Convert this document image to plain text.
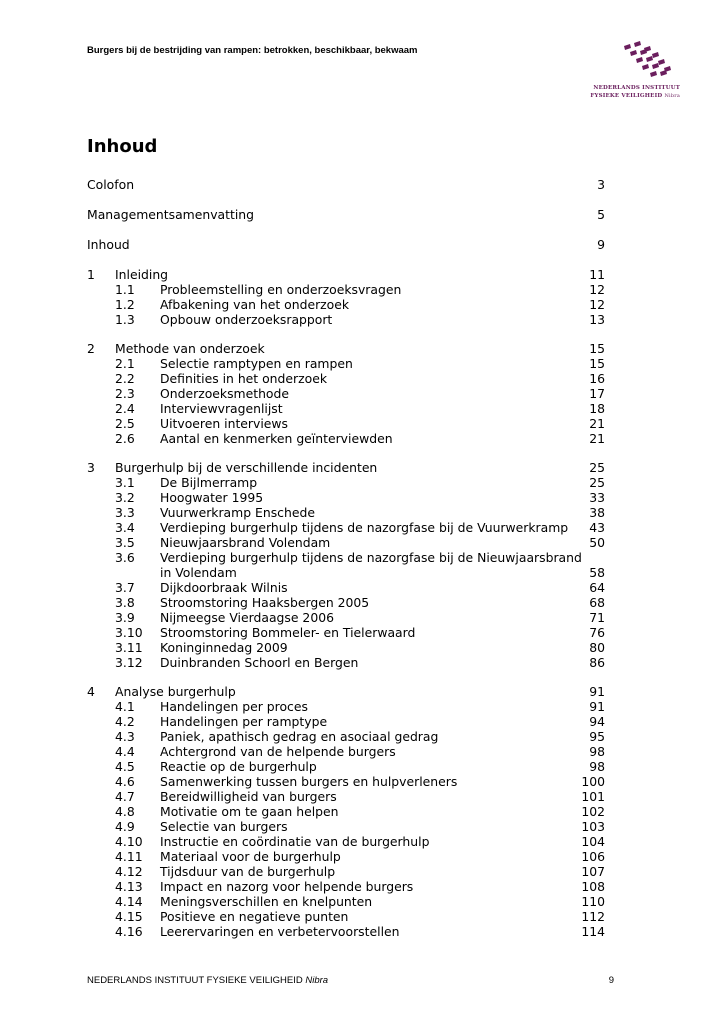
Burgers bij de bestrijding van rampen: betrokken, beschikbaar, bekwaam
NEDERLANDS INSTITUUT
FYSIEKE VEILIGHEID Nibra
Inhoud
Colofon	3
Managementsamenvatting	5
Inhoud	9
1 Inleiding	11
1.1 Probleemstelling en onderzoeksvragen	12
1.2 Afbakening van het onderzoek	12
1.3 Opbouw onderzoeksrapport	13
2 Methode van onderzoek	15
2.1 Selectie ramptypen en rampen	15
2.2 Definities in het onderzoek	16
2.3 Onderzoeksmethode	17
2.4 Interviewvragenlijst	18
2.5 Uitvoeren interviews	21
2.6 Aantal en kenmerken geïnterviewden	21
3 Burgerhulp bij de verschillende incidenten	25
3.1 De Bijlmerramp	25
3.2 Hoogwater 1995	33
3.3 Vuurwerkramp Enschede	38
3.4 Verdieping burgerhulp tijdens de nazorgfase bij de Vuurwerkramp 43
3.5 Nieuwjaarsbrand Volendam	50
3.6 Verdieping burgerhulp tijdens de nazorgfase bij de Nieuwjaarsbrand
in Volendam	58
3.7 Dijkdoorbraak Wilnis	64
3.8 Stroomstoring Haaksbergen 2005	68
3.9 Nijmeegse Vierdaagse 2006	71
3.10 Stroomstoring Bommeler- en Tielerwaard	76
3.11 Koninginnedag 2009	80
3.12 Duinbranden Schoorl en Bergen	86
4 Analyse burgerhulp	91
4.1 Handelingen per proces	91
4.2 Handelingen per ramptype	94
4.3 Paniek, apathisch gedrag en asociaal gedrag	95
4.4 Achtergrond van de helpende burgers	98
4.5 Reactie op de burgerhulp	98
4.6 Samenwerking tussen burgers en hulpverleners	100
4.7 Bereidwilligheid van burgers	101
4.8 Motivatie om te gaan helpen	102
4.9 Selectie van burgers	103
4.10 Instructie en coördinatie van de burgerhulp	104
4.11 Materiaal voor de burgerhulp	106
4.12 Tijdsduur van de burgerhulp	107
4.13 Impact en nazorg voor helpende burgers	108
4.14 Meningsverschillen en knelpunten	110
4.15 Positieve en negatieve punten	112
4.16 Leerervaringen en verbetervoorstellen	114
NEDERLANDS INSTITUUT FYSIEKE VEILIGHEID Nibra	9
